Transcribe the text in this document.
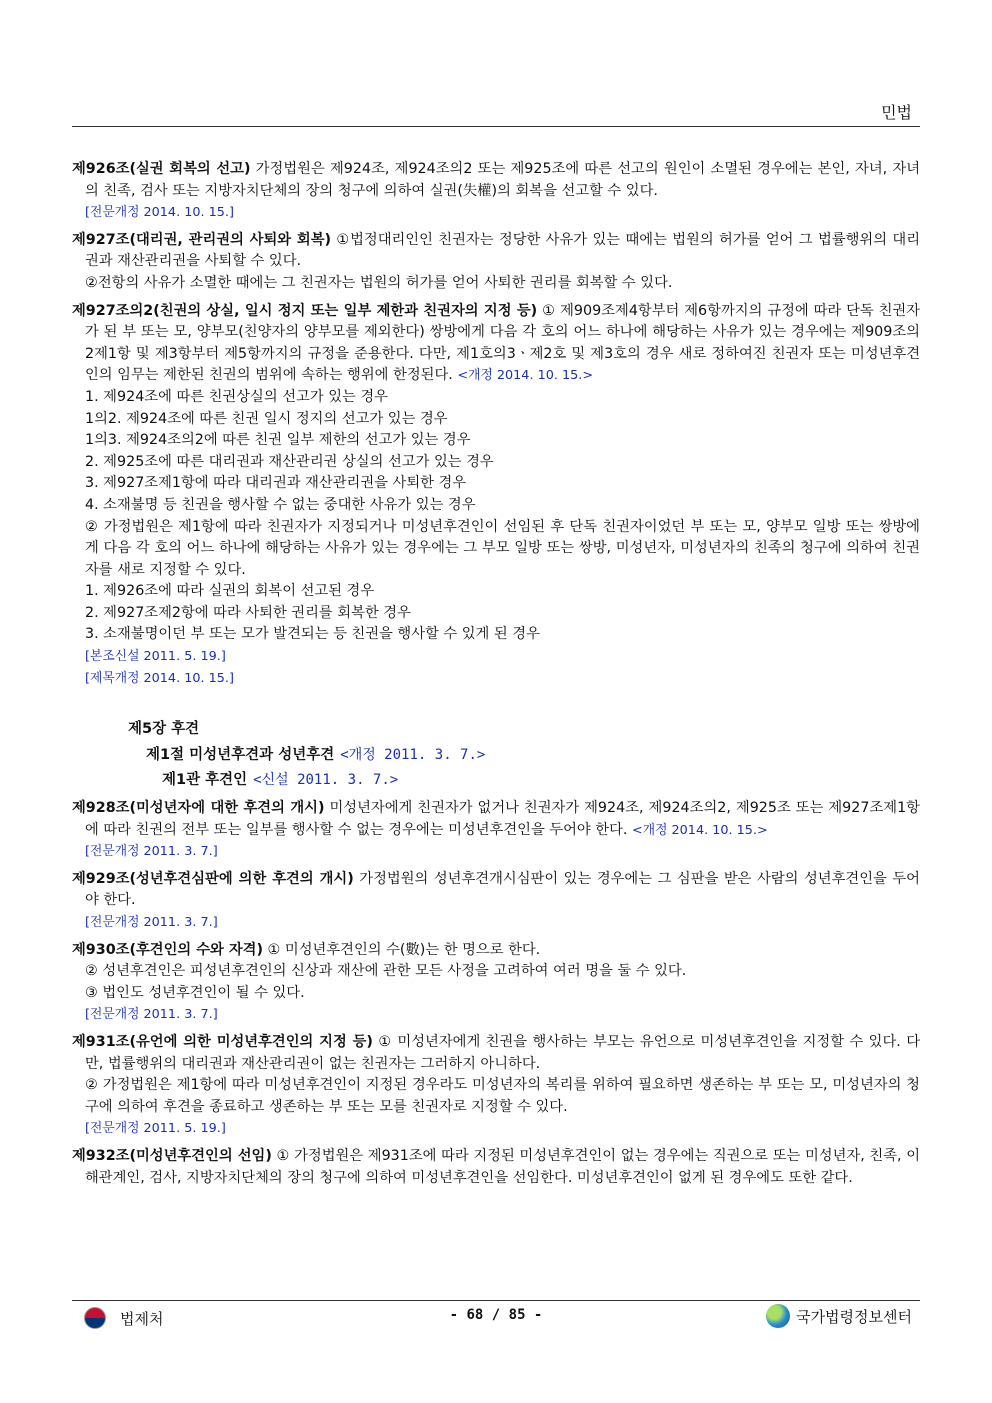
민법

제926조(실권 회복의 선고) 가정법원은 제924조, 제924조의2 또는 제925조에 따른 선고의 원인이 소멸된 경우에는 본인, 자녀, 자녀의 친족, 검사 또는 지방자치단체의 장의 청구에 의하여 실권(失權)의 회복을 선고할 수 있다.

[전문개정 2014. 10. 15.]

제927조(대리권, 관리권의 사퇴와 회복) ①법정대리인인 친권자는 정당한 사유가 있는 때에는 법원의 허가를 얻어 그 법률행위의 대리권과 재산관리권을 사퇴할 수 있다.

②전항의 사유가 소멸한 때에는 그 친권자는 법원의 허가를 얻어 사퇴한 권리를 회복할 수 있다.

제927조의2(친권의 상실, 일시 정지 또는 일부 제한과 친권자의 지정 등) ① 제909조제4항부터 제6항까지의 규정에 따라 단독 친권자가 된 부 또는 모, 양부모(친양자의 양부모를 제외한다) 쌍방에게 다음 각 호의 어느 하나에 해당하는 사유가 있는 경우에는 제909조의2제1항 및 제3항부터 제5항까지의 규정을 준용한다. 다만, 제1호의3ㆍ제2호 및 제3호의 경우 새로 정하여진 친권자 또는 미성년후견인의 임무는 제한된 친권의 범위에 속하는 행위에 한정된다. <개정 2014. 10. 15.>

1. 제924조에 따른 친권상실의 선고가 있는 경우

1의2. 제924조에 따른 친권 일시 정지의 선고가 있는 경우

1의3. 제924조의2에 따른 친권 일부 제한의 선고가 있는 경우

2. 제925조에 따른 대리권과 재산관리권 상실의 선고가 있는 경우

3. 제927조제1항에 따라 대리권과 재산관리권을 사퇴한 경우

4. 소재불명 등 친권을 행사할 수 없는 중대한 사유가 있는 경우

② 가정법원은 제1항에 따라 친권자가 지정되거나 미성년후견인이 선임된 후 단독 친권자이었던 부 또는 모, 양부모 일방 또는 쌍방에게 다음 각 호의 어느 하나에 해당하는 사유가 있는 경우에는 그 부모 일방 또는 쌍방, 미성년자, 미성년자의 친족의 청구에 의하여 친권자를 새로 지정할 수 있다.

1. 제926조에 따라 실권의 회복이 선고된 경우

2. 제927조제2항에 따라 사퇴한 권리를 회복한 경우

3. 소재불명이던 부 또는 모가 발견되는 등 친권을 행사할 수 있게 된 경우

[본조신설 2011. 5. 19.]

[제목개정 2014. 10. 15.]

제5장 후견
제1절 미성년후견과 성년후견 <개정 2011. 3. 7.>
제1관 후견인 <신설 2011. 3. 7.>

제928조(미성년자에 대한 후견의 개시) 미성년자에게 친권자가 없거나 친권자가 제924조, 제924조의2, 제925조 또는 제927조제1항에 따라 친권의 전부 또는 일부를 행사할 수 없는 경우에는 미성년후견인을 두어야 한다. <개정 2014. 10. 15.>

[전문개정 2011. 3. 7.]

제929조(성년후견심판에 의한 후견의 개시) 가정법원의 성년후견개시심판이 있는 경우에는 그 심판을 받은 사람의 성년후견인을 두어야 한다.

[전문개정 2011. 3. 7.]

제930조(후견인의 수와 자격) ① 미성년후견인의 수(數)는 한 명으로 한다.

② 성년후견인은 피성년후견인의 신상과 재산에 관한 모든 사정을 고려하여 여러 명을 둘 수 있다.

③ 법인도 성년후견인이 될 수 있다.

[전문개정 2011. 3. 7.]

제931조(유언에 의한 미성년후견인의 지정 등) ① 미성년자에게 친권을 행사하는 부모는 유언으로 미성년후견인을 지정할 수 있다. 다만, 법률행위의 대리권과 재산관리권이 없는 친권자는 그러하지 아니하다.

② 가정법원은 제1항에 따라 미성년후견인이 지정된 경우라도 미성년자의 복리를 위하여 필요하면 생존하는 부 또는 모, 미성년자의 청구에 의하여 후견을 종료하고 생존하는 부 또는 모를 친권자로 지정할 수 있다.

[전문개정 2011. 5. 19.]

제932조(미성년후견인의 선임) ① 가정법원은 제931조에 따라 지정된 미성년후견인이 없는 경우에는 직권으로 또는 미성년자, 친족, 이해관계인, 검사, 지방자치단체의 장의 청구에 의하여 미성년후견인을 선임한다. 미성년후견인이 없게 된 경우에도 또한 같다.

법제처	- 68 / 85 -	국가법령정보센터
